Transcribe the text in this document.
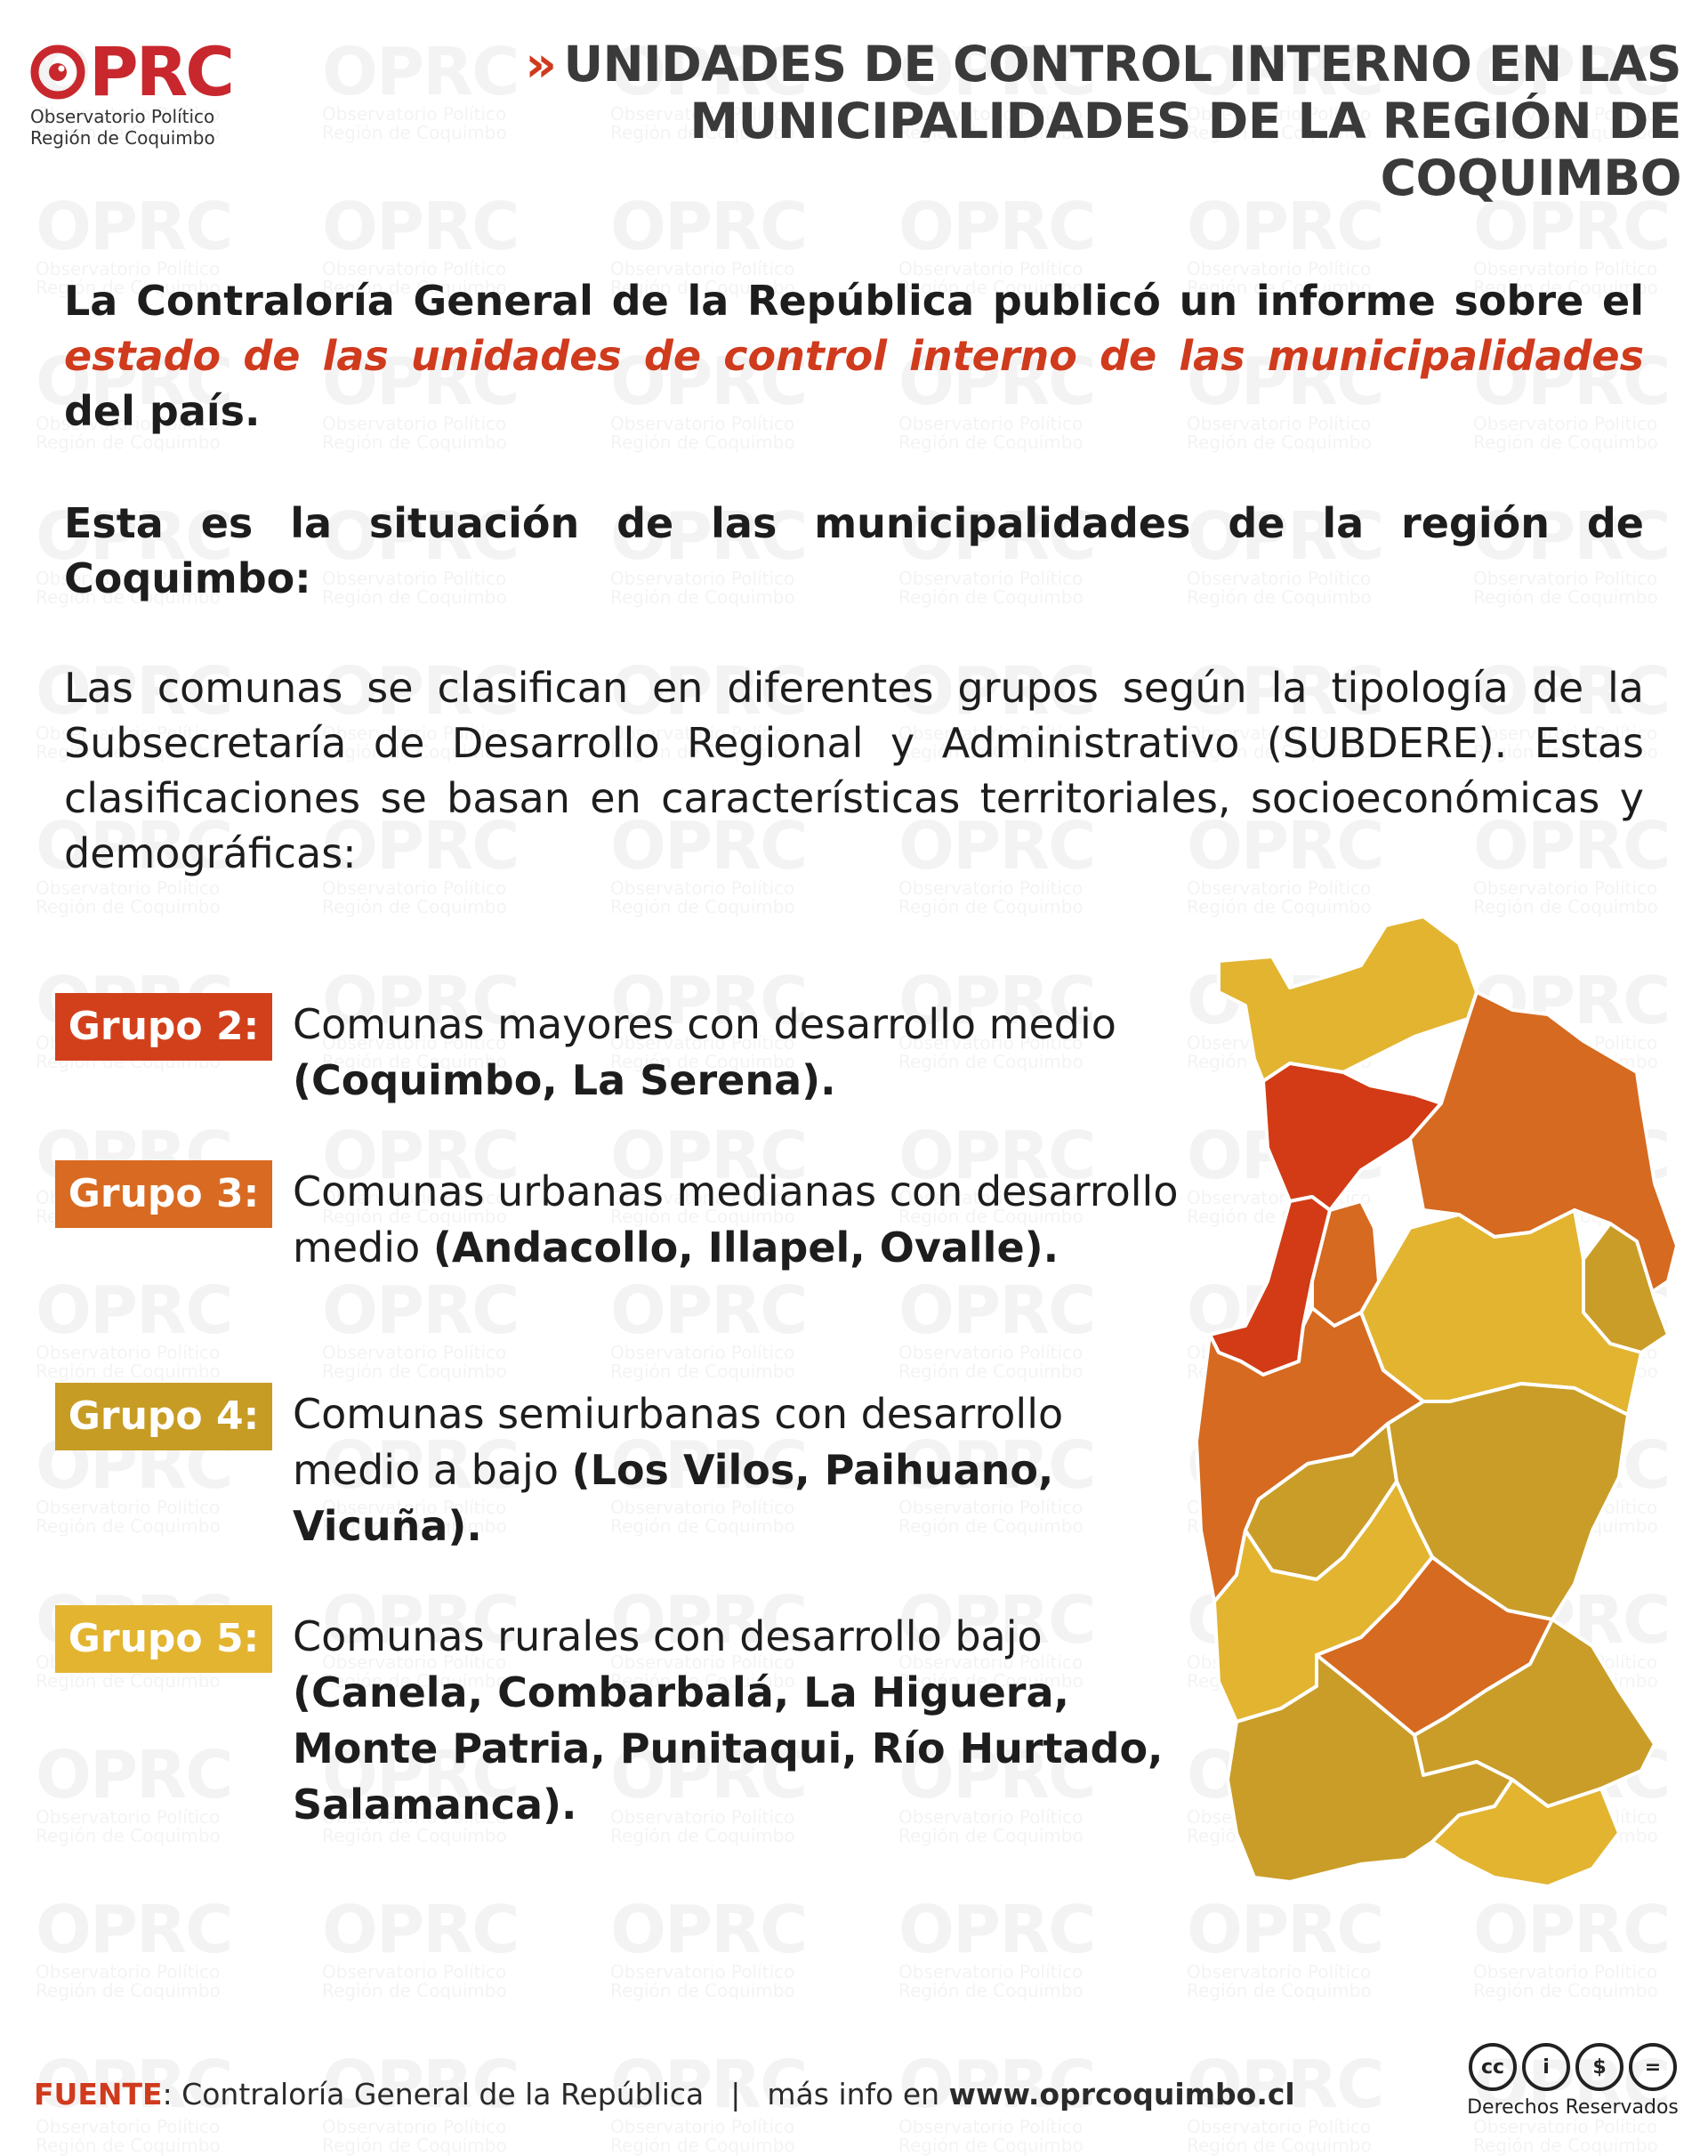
PRC
Observatorio Político
Región de Coquimbo
» UNIDADES DE CONTROL INTERNO EN LAS
MUNICIPALIDADES DE LA REGIÓN DE COQUIMBO
La Contraloría General de la República publicó un informe sobre el estado de las unidades de control interno de las municipalidades del país.
Esta es la situación de las municipalidades de la región de Coquimbo:
Las comunas se clasifican en diferentes grupos según la tipología de la Subsecretaría de Desarrollo Regional y Administrativo (SUBDERE). Estas clasificaciones se basan en características territoriales, socioeconómicas y demográficas:
Grupo 2: Comunas mayores con desarrollo medio (Coquimbo, La Serena).
Grupo 3: Comunas urbanas medianas con desarrollo medio (Andacollo, Illapel, Ovalle).
Grupo 4: Comunas semiurbanas con desarrollo medio a bajo (Los Vilos, Paihuano, Vicuña).
Grupo 5: Comunas rurales con desarrollo bajo (Canela, Combarbalá, La Higuera, Monte Patria, Punitaqui, Río Hurtado, Salamanca).
FUENTE: Contraloría General de la República | más info en www.oprcoquimbo.cl
cc	i	$	=
Derechos Reservados
